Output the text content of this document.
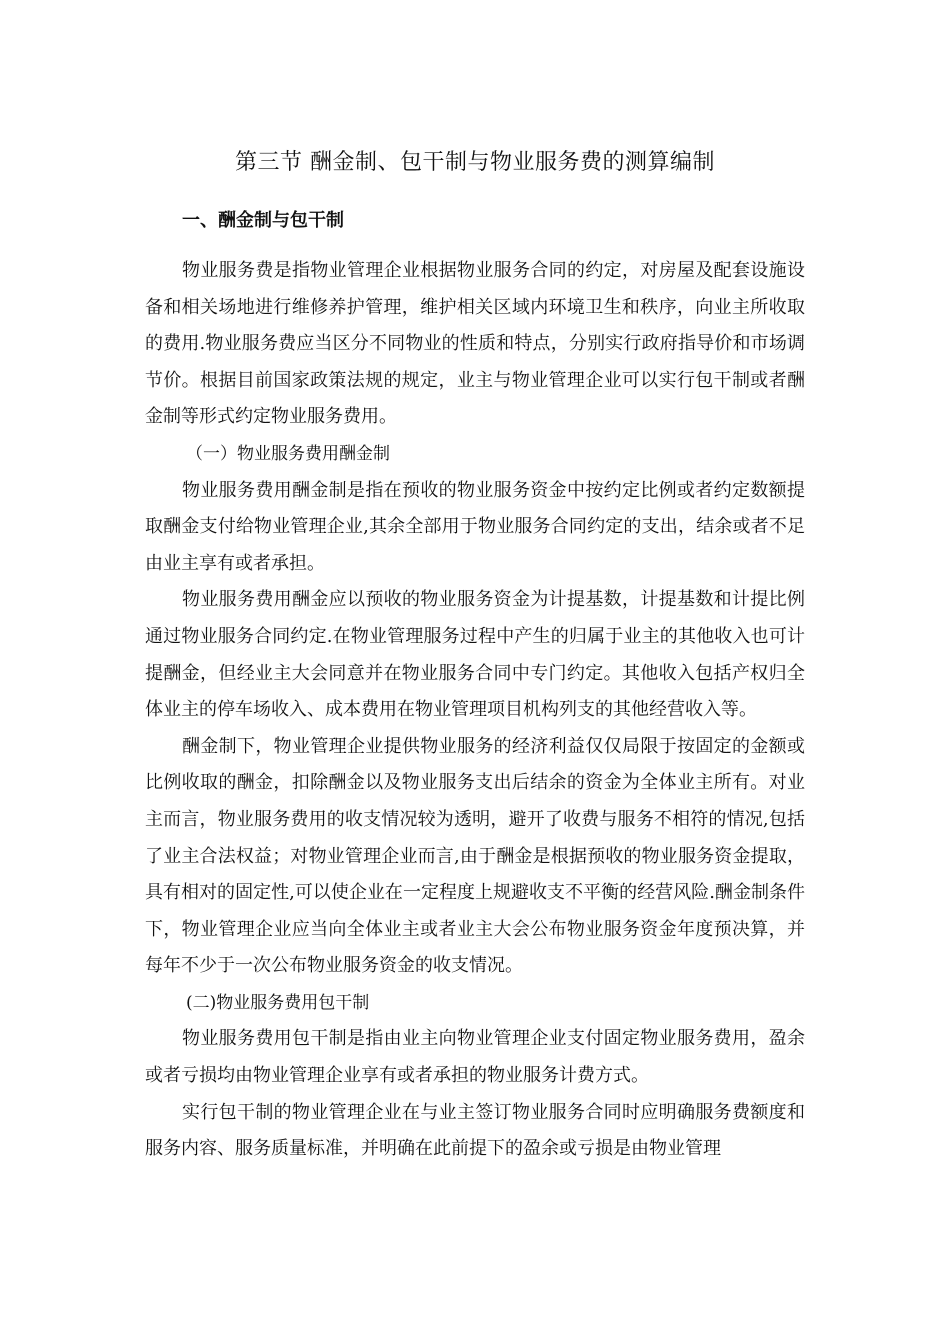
第三节 酬金制、包干制与物业服务费的测算编制
一、酬金制与包干制

物业服务费是指物业管理企业根据物业服务合同的约定，对房屋及配套设施设备和相关场地进行维修养护管理，维护相关区域内环境卫生和秩序，向业主所收取的费用.物业服务费应当区分不同物业的性质和特点，分别实行政府指导价和市场调节价。根据目前国家政策法规的规定，业主与物业管理企业可以实行包干制或者酬金制等形式约定物业服务费用。

（一）物业服务费用酬金制

物业服务费用酬金制是指在预收的物业服务资金中按约定比例或者约定数额提取酬金支付给物业管理企业,其余全部用于物业服务合同约定的支出，结余或者不足由业主享有或者承担。

物业服务费用酬金应以预收的物业服务资金为计提基数，计提基数和计提比例通过物业服务合同约定.在物业管理服务过程中产生的归属于业主的其他收入也可计提酬金，但经业主大会同意并在物业服务合同中专门约定。其他收入包括产权归全体业主的停车场收入、成本费用在物业管理项目机构列支的其他经营收入等。

酬金制下，物业管理企业提供物业服务的经济利益仅仅局限于按固定的金额或比例收取的酬金，扣除酬金以及物业服务支出后结余的资金为全体业主所有。对业主而言，物业服务费用的收支情况较为透明，避开了收费与服务不相符的情况,包括了业主合法权益；对物业管理企业而言,由于酬金是根据预收的物业服务资金提取，具有相对的固定性,可以使企业在一定程度上规避收支不平衡的经营风险.酬金制条件下，物业管理企业应当向全体业主或者业主大会公布物业服务资金年度预决算，并每年不少于一次公布物业服务资金的收支情况。

(二)物业服务费用包干制

物业服务费用包干制是指由业主向物业管理企业支付固定物业服务费用，盈余或者亏损均由物业管理企业享有或者承担的物业服务计费方式。

实行包干制的物业管理企业在与业主签订物业服务合同时应明确服务费额度和服务内容、服务质量标准，并明确在此前提下的盈余或亏损是由物业管理
